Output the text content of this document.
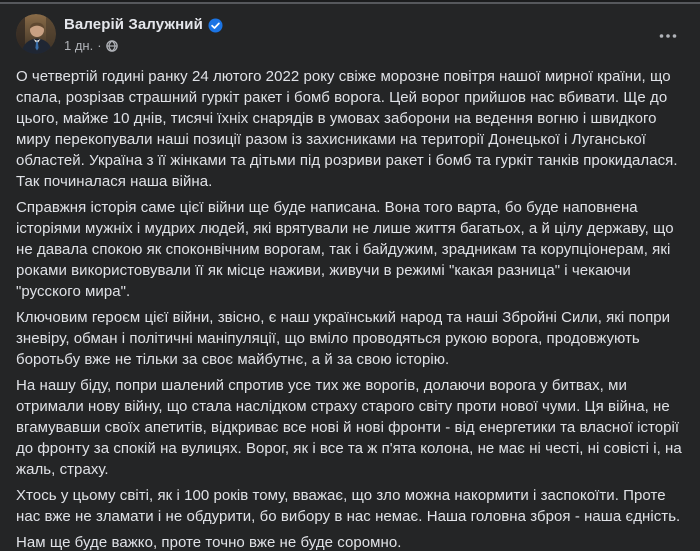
Валерій Залужний
1 дн. ·

О четвертій годині ранку 24 лютого 2022 року свіже морозне повітря нашої мирної країни, що спала, розрізав страшний гуркіт ракет і бомб ворога. Цей ворог прийшов нас вбивати. Ще до цього, майже 10 днів, тисячі їхніх снарядів в умовах заборони на ведення вогню і швидкого миру перекопували наші позиції разом із захисниками на території Донецької і Луганської областей. Україна з її жінками та дітьми під розриви ракет і бомб та гуркіт танків прокидалася. Так починалася наша війна.

Справжня історія саме цієї війни ще буде написана. Вона того варта, бо буде наповнена історіями мужніх і мудрих людей, які врятували не лише життя багатьох, а й цілу державу, що не давала спокою як споконвічним ворогам, так і байдужим, зрадникам та корупціонерам, які роками використовували її як місце наживи, живучи в режимі "какая разница" і чекаючи "русского мира".

Ключовим героєм цієї війни, звісно, є наш український народ та наші Збройні Сили, які попри зневіру, обман і політичні маніпуляції, що вміло проводяться рукою ворога, продовжують боротьбу вже не тільки за своє майбутнє, а й за свою історію.

На нашу біду, попри шалений спротив усе тих же ворогів, долаючи ворога у битвах, ми отримали нову війну, що стала наслідком страху старого світу проти нової чуми. Ця війна, не вгамувавши своїх апетитів, відкриває все нові й нові фронти - від енергетики та власної історії до фронту за спокій на вулицях. Ворог, як і все та ж п'ята колона, не має ні честі, ні совісті і, на жаль, страху.

Хтось у цьому світі, як і 100 років тому, вважає, що зло можна накормити і заспокоїти. Проте нас вже не зламати і не обдурити, бо вибору в нас немає. Наша головна зброя - наша єдність.

Нам ще буде важко, проте точно вже не буде соромно.
